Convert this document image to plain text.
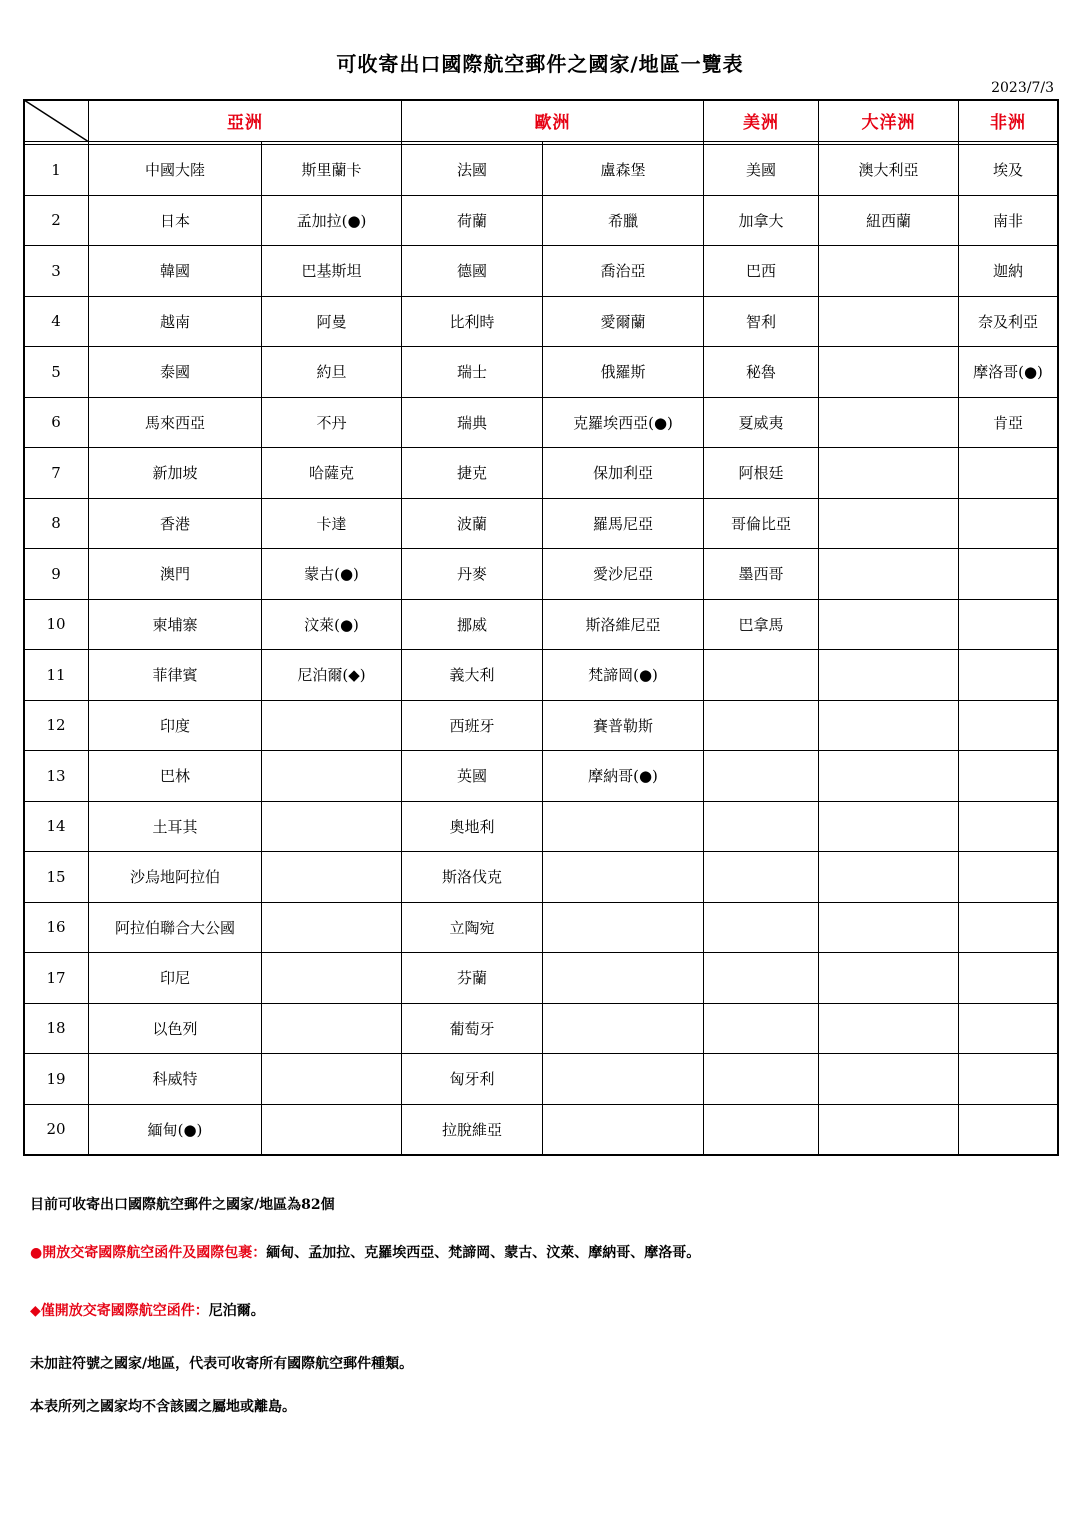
可收寄出口國際航空郵件之國家/地區一覽表
2023/7/3
	亞洲		歐洲		美洲	大洋洲	非洲

1	中國大陸	斯里蘭卡	法國	盧森堡	美國	澳大利亞	埃及
2	日本	孟加拉(●)	荷蘭	希臘	加拿大	紐西蘭	南非
3	韓國	巴基斯坦	德國	喬治亞	巴西		迦納
4	越南	阿曼	比利時	愛爾蘭	智利		奈及利亞
5	泰國	約旦	瑞士	俄羅斯	秘魯		摩洛哥(●)
6	馬來西亞	不丹	瑞典	克羅埃西亞(●)	夏威夷		肯亞
7	新加坡	哈薩克	捷克	保加利亞	阿根廷		
8	香港	卡達	波蘭	羅馬尼亞	哥倫比亞		
9	澳門	蒙古(●)	丹麥	愛沙尼亞	墨西哥		
10	柬埔寨	汶萊(●)	挪威	斯洛維尼亞	巴拿馬		
11	菲律賓	尼泊爾(◆)	義大利	梵諦岡(●)			
12	印度		西班牙	賽普勒斯			
13	巴林		英國	摩納哥(●)			
14	土耳其		奧地利				
15	沙烏地阿拉伯		斯洛伐克				
16	阿拉伯聯合大公國		立陶宛				
17	印尼		芬蘭				
18	以色列		葡萄牙				
19	科威特		匈牙利				
20	緬甸(●)		拉脫維亞				
目前可收寄出口國際航空郵件之國家/地區為82個
●開放交寄國際航空函件及國際包裹：緬甸、孟加拉、克羅埃西亞、梵諦岡、蒙古、汶萊、摩納哥、摩洛哥。
◆僅開放交寄國際航空函件：尼泊爾。
未加註符號之國家/地區，代表可收寄所有國際航空郵件種類。
本表所列之國家均不含該國之屬地或離島。
